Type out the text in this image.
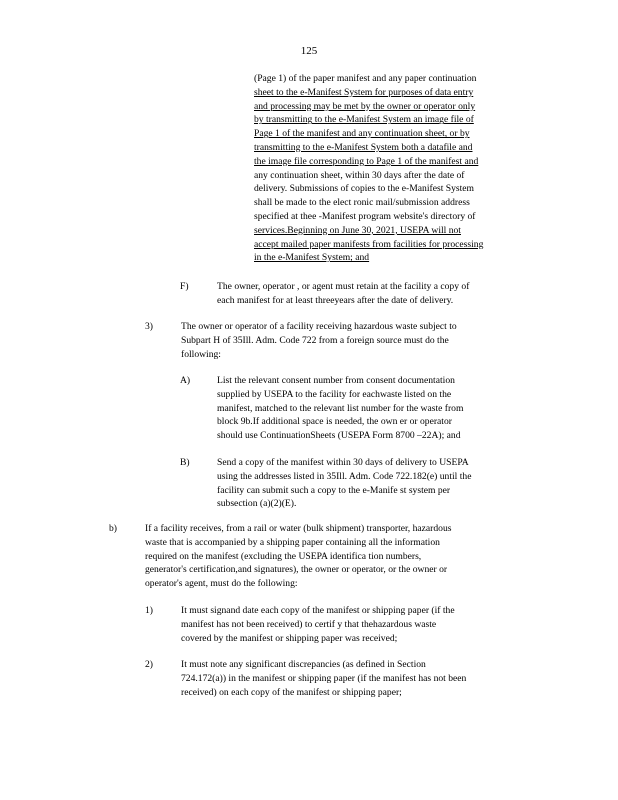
125
(Page 1) of the paper manifest and any paper continuation
sheet to the e-Manifest System for purposes of data entry
and processing may be met by the owner or operator only
by transmitting to the e-Manifest System an image file of
Page 1 of the manifest and any continuation sheet, or by
transmitting to the e-Manifest System both a datafile and
the image file corresponding to Page 1 of the manifest and
any continuation sheet, within 30 days after the date of
delivery. Submissions of copies to the e-Manifest System
shall be made to the elect ronic mail/submission address
specified at thee -Manifest program website's directory of
services.Beginning on June 30, 2021, USEPA will not
accept mailed paper manifests from facilities for processing
in the e-Manifest System; and
F)	The owner, operator , or agent must retain at the facility a copy of
each manifest for at least threeyears after the date of delivery.
3)	The owner or operator of a facility receiving hazardous waste subject to
Subpart H of 35Ill. Adm. Code 722 from a foreign source must do the
following:
A)	List the relevant consent number from consent documentation
supplied by USEPA to the facility for eachwaste listed on the
manifest, matched to the relevant list number for the waste from
block 9b.If additional space is needed, the own er or operator
should use ContinuationSheets (USEPA Form 8700 –22A); and
B)	Send a copy of the manifest within 30 days of delivery to USEPA
using the addresses listed in 35Ill. Adm. Code 722.182(e) until the
facility can submit such a copy to the e-Manife st system per
subsection (a)(2)(E).
b)	If a facility receives, from a rail or water (bulk shipment) transporter, hazardous
waste that is accompanied by a shipping paper containing all the information
required on the manifest (excluding the USEPA identifica tion numbers,
generator's certification,and signatures), the owner or operator, or the owner or
operator's agent, must do the following:
1)	It must signand date each copy of the manifest or shipping paper (if the
manifest has not been received) to certif y that thehazardous waste
covered by the manifest or shipping paper was received;
2)	It must note any significant discrepancies (as defined in Section
724.172(a)) in the manifest or shipping paper (if the manifest has not been
received) on each copy of the manifest or shipping paper;
